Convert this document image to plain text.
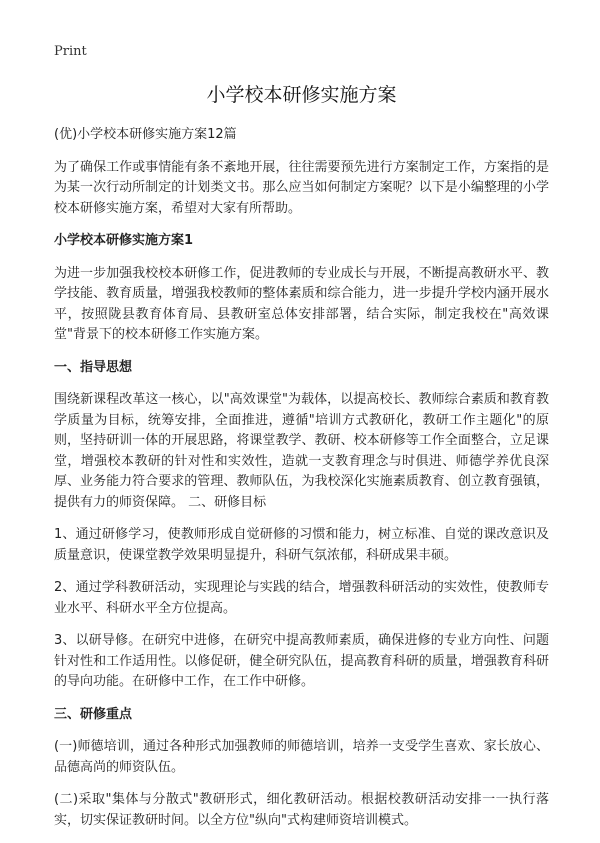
Print
小学校本研修实施方案

(优)小学校本研修实施方案12篇

为了确保工作或事情能有条不紊地开展，往往需要预先进行方案制定工作，方案指的是为某一次行动所制定的计划类文书。那么应当如何制定方案呢？以下是小编整理的小学校本研修实施方案，希望对大家有所帮助。

小学校本研修实施方案1

为进一步加强我校校本研修工作，促进教师的专业成长与开展，不断提高教研水平、教学技能、教育质量，增强我校教师的整体素质和综合能力，进一步提升学校内涵开展水平，按照陇县教育体育局、县教研室总体安排部署，结合实际，制定我校在"高效课堂"背景下的校本研修工作实施方案。

一、指导思想

围绕新课程改革这一核心，以"高效课堂"为载体，以提高校长、教师综合素质和教育教学质量为目标，统筹安排，全面推进，遵循"培训方式教研化，教研工作主题化"的原则，坚持研训一体的开展思路，将课堂教学、教研、校本研修等工作全面整合，立足课堂，增强校本教研的针对性和实效性，造就一支教育理念与时俱进、师德学养优良深厚、业务能力符合要求的管理、教师队伍，为我校深化实施素质教育、创立教育强镇，提供有力的师资保障。 二、研修目标

1、通过研修学习，使教师形成自觉研修的习惯和能力，树立标准、自觉的课改意识及质量意识，使课堂教学效果明显提升，科研气氛浓郁，科研成果丰硕。

2、通过学科教研活动，实现理论与实践的结合，增强教科研活动的实效性，使教师专业水平、科研水平全方位提高。

3、以研导修。在研究中进修，在研究中提高教师素质，确保进修的专业方向性、问题针对性和工作适用性。以修促研，健全研究队伍，提高教育科研的质量，增强教育科研的导向功能。在研修中工作，在工作中研修。

三、研修重点

(一)师德培训，通过各种形式加强教师的师德培训，培养一支受学生喜欢、家长放心、品德高尚的师资队伍。

(二)采取"集体与分散式"教研形式，细化教研活动。根据校教研活动安排一一执行落实，切实保证教研时间。以全方位"纵向"式构建师资培训模式。
